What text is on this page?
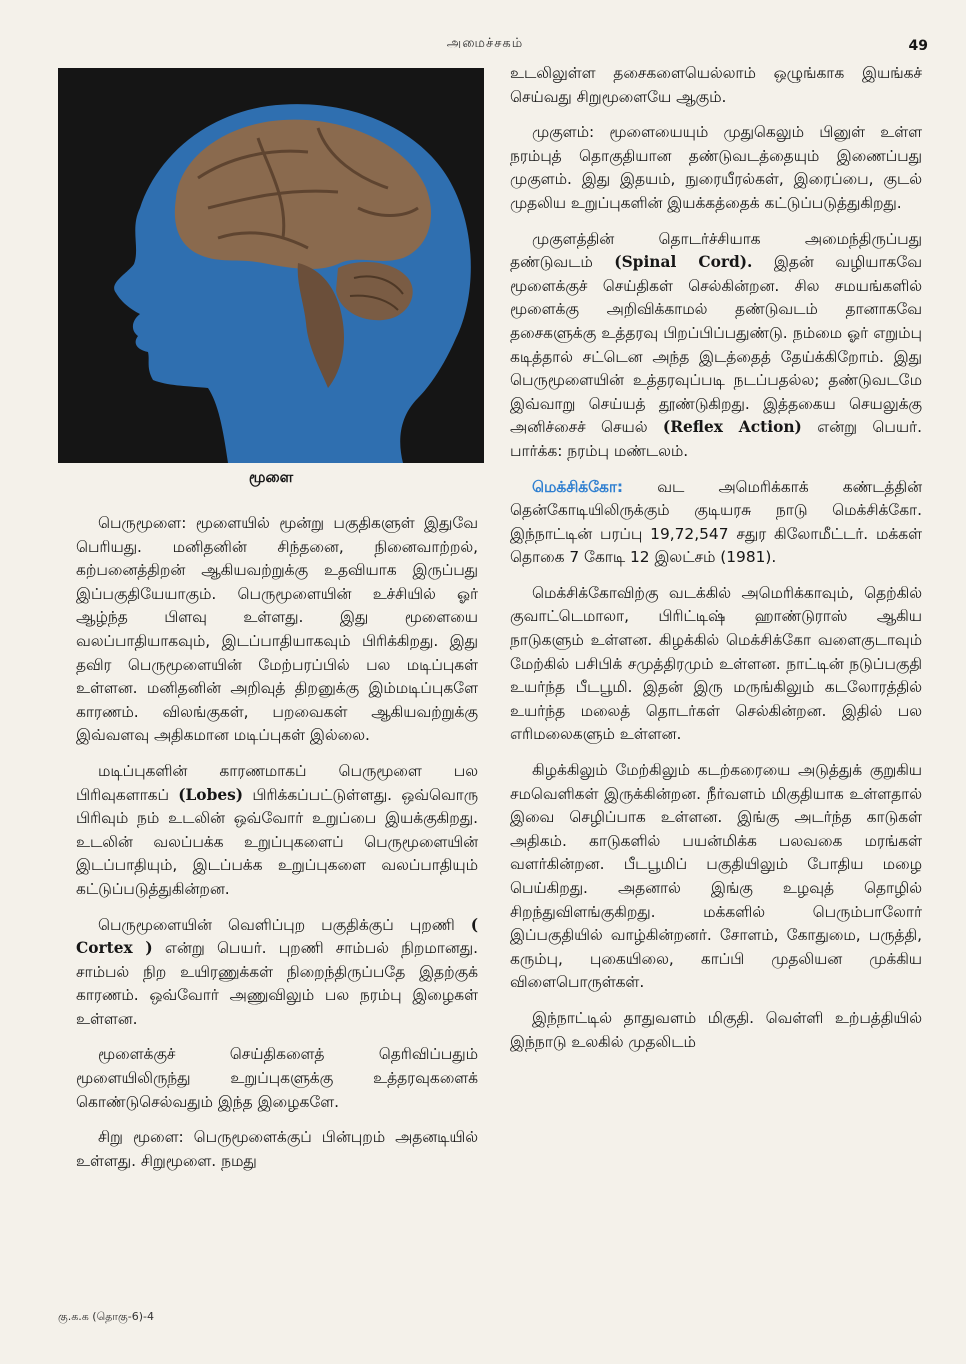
அமைச்சகம்	49
மூளை

பெருமூளை: மூளையில் மூன்று பகுதிகளுள் இதுவே பெரியது. மனிதனின் சிந்தனை, நினைவாற்றல், கற்பனைத்திறன் ஆகியவற்றுக்கு உதவியாக இருப்பது இப்பகுதியேயாகும். பெருமூளையின் உச்சியில் ஓர் ஆழ்ந்த பிளவு உள்ளது. இது மூளையை வலப்பாதியாகவும், இடப்பாதியாகவும் பிரிக்கிறது. இது தவிர பெருமூளையின் மேற்பரப்பில் பல மடிப்புகள் உள்ளன. மனிதனின் அறிவுத் திறனுக்கு இம்மடிப்புகளே காரணம். விலங்குகள், பறவைகள் ஆகியவற்றுக்கு இவ்வளவு அதிகமான மடிப்புகள் இல்லை.

மடிப்புகளின் காரணமாகப் பெருமூளை பல பிரிவுகளாகப் (Lobes) பிரிக்கப்பட்டுள்ளது. ஒவ்வொரு பிரிவும் நம் உடலின் ஒவ்வோர் உறுப்பை இயக்குகிறது. உடலின் வலப்பக்க உறுப்புகளைப் பெருமூளையின் இடப்பாதியும், இடப்பக்க உறுப்புகளை வலப்பாதியும் கட்டுப்படுத்துகின்றன.

பெருமூளையின் வெளிப்புற பகுதிக்குப் புறணி ( Cortex ) என்று பெயர். புறணி சாம்பல் நிறமானது. சாம்பல் நிற உயிரணுக்கள் நிறைந்திருப்பதே இதற்குக் காரணம். ஒவ்வோர் அணுவிலும் பல நரம்பு இழைகள் உள்ளன.

மூளைக்குச் செய்திகளைத் தெரிவிப்பதும் மூளையிலிருந்து உறுப்புகளுக்கு உத்தரவுகளைக் கொண்டுசெல்வதும் இந்த இழைகளே.

சிறு மூளை: பெருமூளைக்குப் பின்புறம் அதனடியில் உள்ளது. சிறுமூளை. நமது

உடலிலுள்ள தசைகளையெல்லாம் ஒழுங்காக இயங்கச் செய்வது சிறுமூளையே ஆகும்.

முகுளம்: மூளையையும் முதுகெலும் பினுள் உள்ள நரம்புத் தொகுதியான தண்டுவடத்தையும் இணைப்பது முகுளம். இது இதயம், நுரையீரல்கள், இரைப்பை, குடல் முதலிய உறுப்புகளின் இயக்கத்தைக் கட்டுப்படுத்துகிறது.

முகுளத்தின் தொடர்ச்சியாக அமைந்திருப்பது தண்டுவடம் (Spinal Cord). இதன் வழியாகவே மூளைக்குச் செய்திகள் செல்கின்றன. சில சமயங்களில் மூளைக்கு அறிவிக்காமல் தண்டுவடம் தானாகவே தசைகளுக்கு உத்தரவு பிறப்பிப்பதுண்டு. நம்மை ஓர் எறும்பு கடித்தால் சட்டென அந்த இடத்தைத் தேய்க்கிறோம். இது பெருமூளையின் உத்தரவுப்படி நடப்பதல்ல; தண்டுவடமே இவ்வாறு செய்யத் தூண்டுகிறது. இத்தகைய செயலுக்கு அனிச்சைச் செயல் (Reflex Action) என்று பெயர். பார்க்க: நரம்பு மண்டலம்.

மெக்சிக்கோ: வட அமெரிக்காக் கண்டத்தின் தென்கோடியிலிருக்கும் குடியரசு நாடு மெக்சிக்கோ. இந்நாட்டின் பரப்பு 19,72,547 சதுர கிலோமீட்டர். மக்கள் தொகை 7 கோடி 12 இலட்சம் (1981).

மெக்சிக்கோவிற்கு வடக்கில் அமெரிக்காவும், தெற்கில் குவாட்டெமாலா, பிரிட்டிஷ் ஹாண்டுராஸ் ஆகிய நாடுகளும் உள்ளன. கிழக்கில் மெக்சிக்கோ வளைகுடாவும் மேற்கில் பசிபிக் சமுத்திரமும் உள்ளன. நாட்டின் நடுப்பகுதி உயர்ந்த பீடபூமி. இதன் இரு மருங்கிலும் கடலோரத்தில் உயர்ந்த மலைத் தொடர்கள் செல்கின்றன. இதில் பல எரிமலைகளும் உள்ளன.

கிழக்கிலும் மேற்கிலும் கடற்கரையை அடுத்துக் குறுகிய சமவெளிகள் இருக்கின்றன. நீர்வளம் மிகுதியாக உள்ளதால் இவை செழிப்பாக உள்ளன. இங்கு அடர்ந்த காடுகள் அதிகம். காடுகளில் பயன்மிக்க பலவகை மரங்கள் வளர்கின்றன. பீடபூமிப் பகுதியிலும் போதிய மழை பெய்கிறது. அதனால் இங்கு உழவுத் தொழில் சிறந்துவிளங்குகிறது. மக்களில் பெரும்பாலோர் இப்பகுதியில் வாழ்கின்றனர். சோளம், கோதுமை, பருத்தி, கரும்பு, புகையிலை, காப்பி முதலியன முக்கிய விளைபொருள்கள்.

இந்நாட்டில் தாதுவளம் மிகுதி. வெள்ளி உற்பத்தியில் இந்நாடு உலகில் முதலிடம்

கு.க.க (தொகு-6)-4
